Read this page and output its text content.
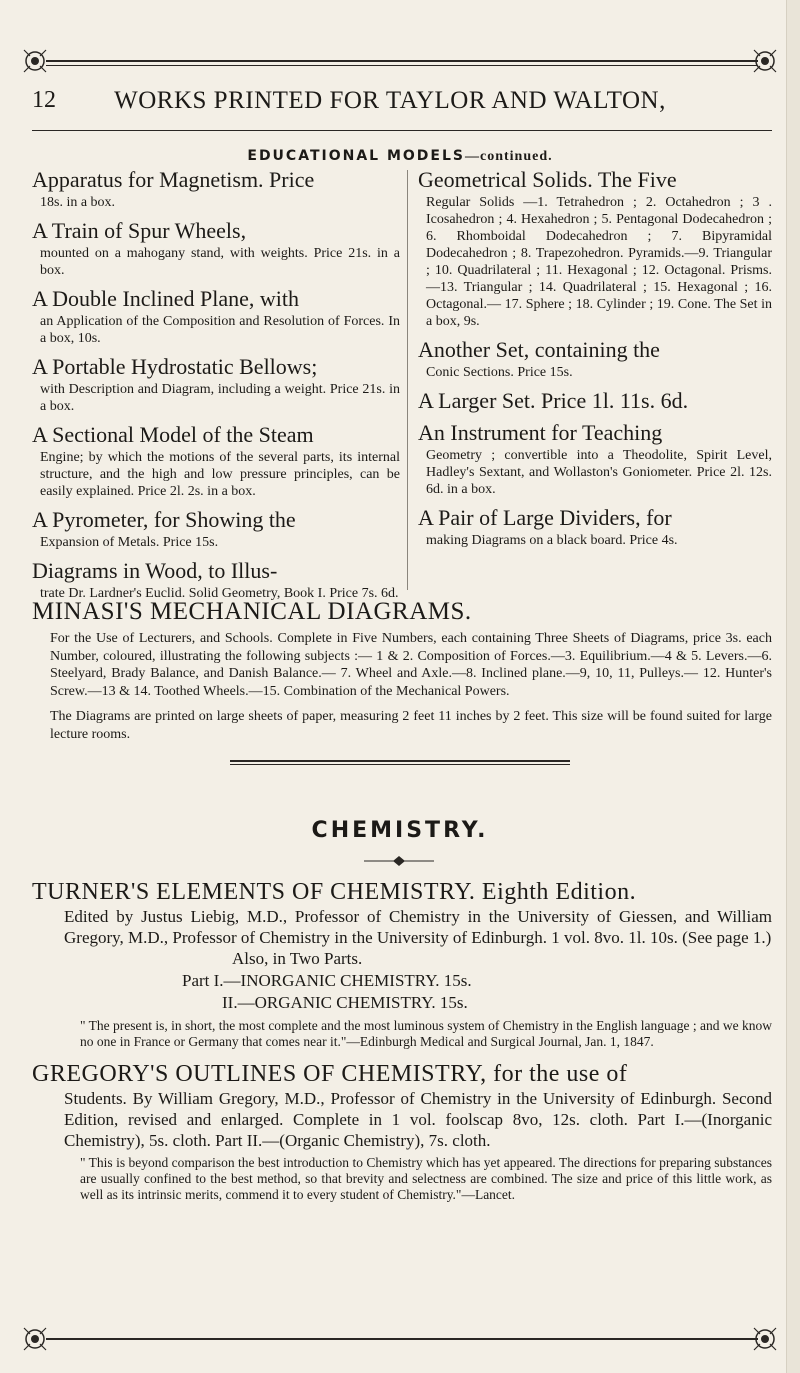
12	WORKS PRINTED FOR TAYLOR AND WALTON,
EDUCATIONAL MODELS—continued.

Apparatus for Magnetism. Price

18s. in a box.

A Train of Spur Wheels,

mounted on a mahogany stand, with weights. Price 21s. in a box.

A Double Inclined Plane, with

an Application of the Composition and Resolution of Forces. In a box, 10s.

A Portable Hydrostatic Bellows;

with Description and Diagram, including a weight. Price 21s. in a box.

A Sectional Model of the Steam

Engine; by which the motions of the several parts, its internal structure, and the high and low pressure principles, can be easily explained. Price 2l. 2s. in a box.

A Pyrometer, for Showing the

Expansion of Metals. Price 15s.

Diagrams in Wood, to Illus-

trate Dr. Lardner's Euclid. Solid Geometry, Book I. Price 7s. 6d.

Geometrical Solids. The Five

Regular Solids —1. Tetrahedron ; 2. Octahedron ; 3 . Icosahedron ; 4. Hexahedron ; 5. Pentagonal Dodecahedron ; 6. Rhomboidal Dodecahedron ; 7. Bipyramidal Dodecahedron ; 8. Trapezohedron. Pyramids.—9. Triangular ; 10. Quadrilateral ; 11. Hexagonal ; 12. Octagonal. Prisms.—13. Triangular ; 14. Quadrilateral ; 15. Hexagonal ; 16. Octagonal.— 17. Sphere ; 18. Cylinder ; 19. Cone. The Set in a box, 9s.

Another Set, containing the

Conic Sections. Price 15s.

A Larger Set. Price 1l. 11s. 6d.

An Instrument for Teaching

Geometry ; convertible into a Theodolite, Spirit Level, Hadley's Sextant, and Wollaston's Goniometer. Price 2l. 12s. 6d. in a box.

A Pair of Large Dividers, for

making Diagrams on a black board. Price 4s.

MINASI'S MECHANICAL DIAGRAMS.

For the Use of Lecturers, and Schools. Complete in Five Numbers, each containing Three Sheets of Diagrams, price 3s. each Number, coloured, illustrating the following subjects :— 1 & 2. Composition of Forces.—3. Equilibrium.—4 & 5. Levers.—6. Steelyard, Brady Balance, and Danish Balance.— 7. Wheel and Axle.—8. Inclined plane.—9, 10, 11, Pulleys.— 12. Hunter's Screw.—13 & 14. Toothed Wheels.—15. Combination of the Mechanical Powers.

The Diagrams are printed on large sheets of paper, measuring 2 feet 11 inches by 2 feet. This size will be found suited for large lecture rooms.

CHEMISTRY.
TURNER'S ELEMENTS OF CHEMISTRY. Eighth Edition.

Edited by Justus Liebig, M.D., Professor of Chemistry in the University of Giessen, and William Gregory, M.D., Professor of Chemistry in the University of Edinburgh. 1 vol. 8vo. 1l. 10s. (See page 1.)

Also, in Two Parts.

Part I.—INORGANIC CHEMISTRY. 15s.

II.—ORGANIC CHEMISTRY. 15s.

" The present is, in short, the most complete and the most luminous system of Chemistry in the English language ; and we know no one in France or Germany that comes near it."—Edinburgh Medical and Surgical Journal, Jan. 1, 1847.

GREGORY'S OUTLINES OF CHEMISTRY, for the use of

Students. By William Gregory, M.D., Professor of Chemistry in the University of Edinburgh. Second Edition, revised and enlarged. Complete in 1 vol. foolscap 8vo, 12s. cloth. Part I.—(Inorganic Chemistry), 5s. cloth. Part II.—(Organic Chemistry), 7s. cloth.

" This is beyond comparison the best introduction to Chemistry which has yet appeared. The directions for preparing substances are usually confined to the best method, so that brevity and selectness are combined. The size and price of this little work, as well as its intrinsic merits, commend it to every student of Chemistry."—Lancet.
